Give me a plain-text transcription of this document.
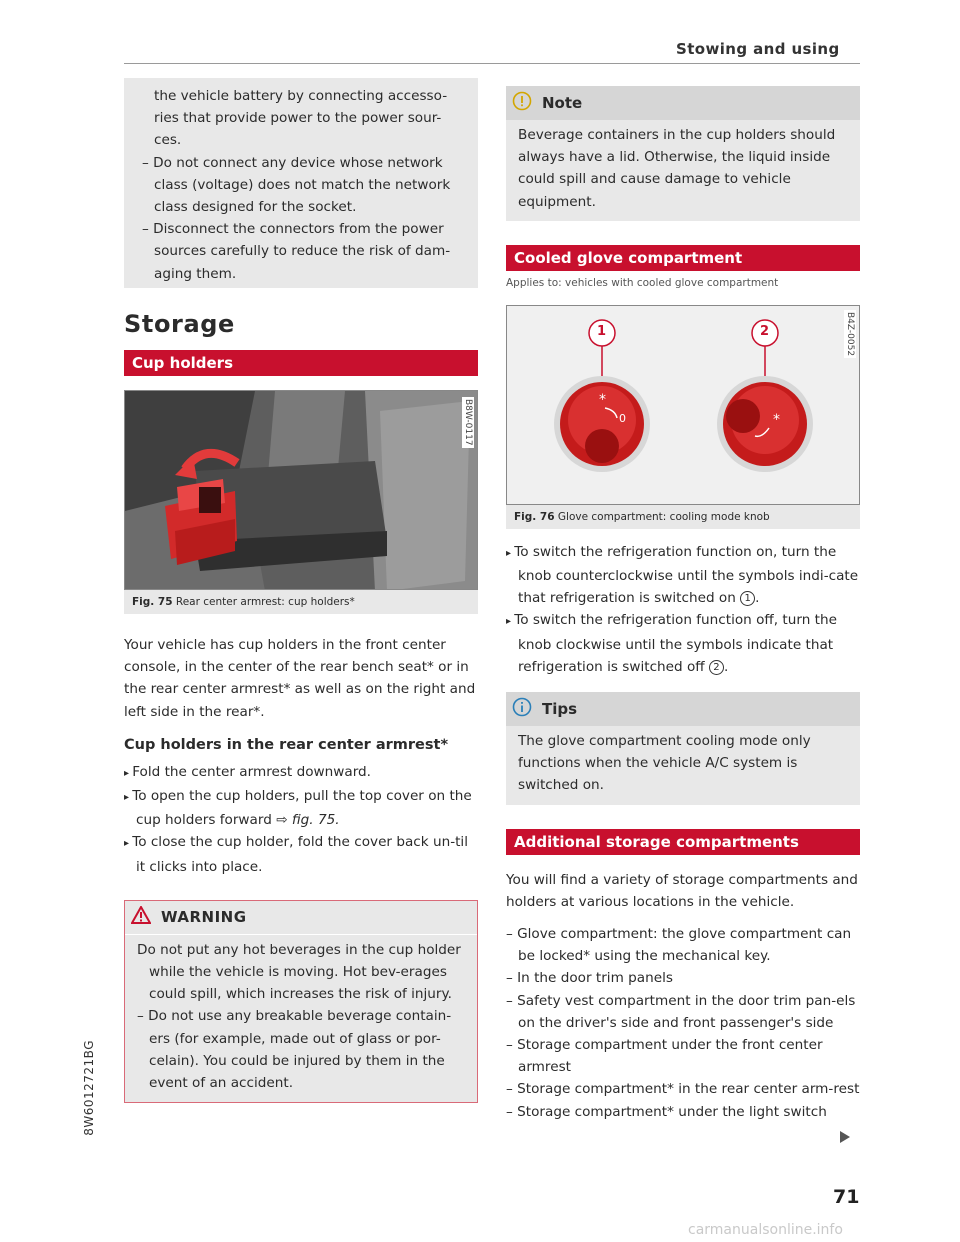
Stowing and using
the vehicle battery by connecting accesso-
ries that provide power to the power sour-
ces.
– Do not connect any device whose network class (voltage) does not match the network class designed for the socket.
– Disconnect the connectors from the power sources carefully to reduce the risk of dam-aging them.
Storage
Cup holders
B8W-0117
Fig. 75 Rear center armrest: cup holders*

Your vehicle has cup holders in the front center console, in the center of the rear bench seat* or in the rear center armrest* as well as on the right and left side in the rear*.

Cup holders in the rear center armrest*
▸ Fold the center armrest downward.
▸ To open the cup holders, pull the top cover on the cup holders forward ⇨ fig. 75.
▸ To close the cup holder, fold the cover back un-til it clicks into place.
WARNING
Do not put any hot beverages in the cup holder while the vehicle is moving. Hot bev-erages could spill, which increases the risk of injury.
– Do not use any breakable beverage contain-ers (for example, made out of glass or por-celain). You could be injured by them in the event of an accident.
Note

Beverage containers in the cup holders should always have a lid. Otherwise, the liquid inside could spill and cause damage to vehicle equipment.

Cooled glove compartment
Applies to: vehicles with cooled glove compartment
*
*
1	2
0
B4Z-0052
Fig. 76 Glove compartment: cooling mode knob
▸ To switch the refrigeration function on, turn the knob counterclockwise until the symbols indi-cate that refrigeration is switched on 1 .
▸ To switch the refrigeration function off, turn the knob clockwise until the symbols indicate that refrigeration is switched off 2 .
Tips

The glove compartment cooling mode only functions when the vehicle A/C system is switched on.

Additional storage compartments

You will find a variety of storage compartments and holders at various locations in the vehicle.

– Glove compartment: the glove compartment can be locked* using the mechanical key.
– In the door trim panels
– Safety vest compartment in the door trim pan-els on the driver's side and front passenger's side
– Storage compartment under the front center armrest
– Storage compartment* in the rear center arm-rest
– Storage compartment* under the light switch
8W6012721BG
71
carmanualsonline.info
